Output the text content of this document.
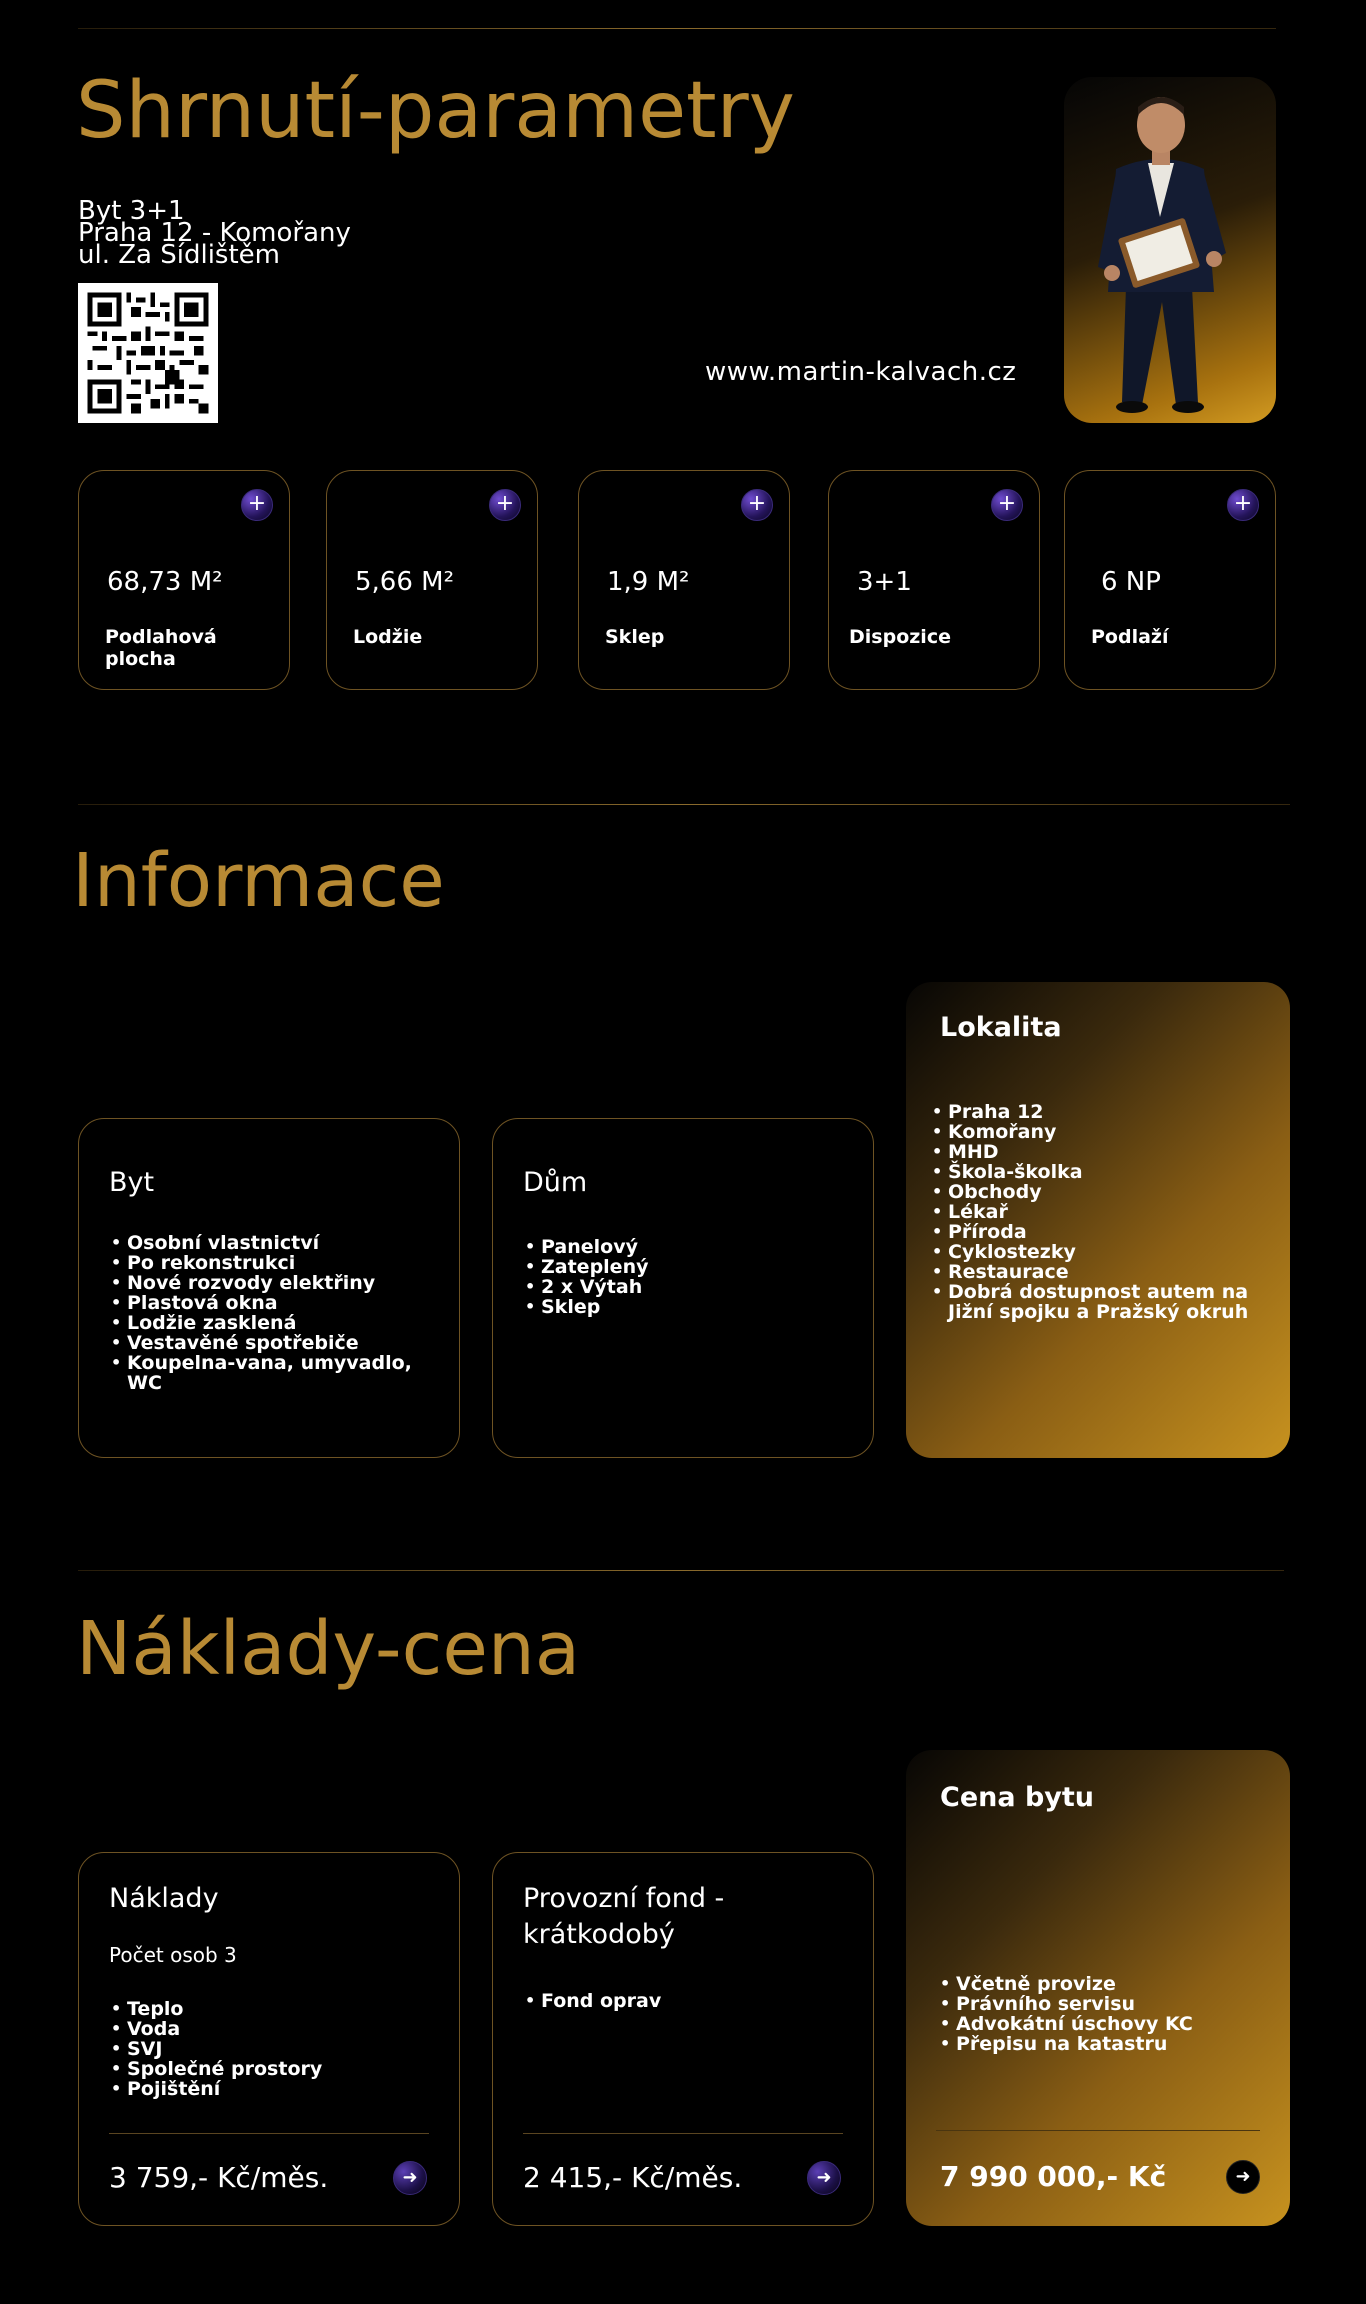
Shrnutí-parametry
Byt 3+1
Praha 12 - Komořany
ul. Za Sídlištěm
www.martin-kalvach.cz
+
68,73 M²
Podlahová plocha
+
5,66 M²
Lodžie
+
1,9 M²
Sklep
+
3+1
Dispozice
+
6 NP
Podlaží
Informace
Byt
• Osobní vlastnictví
• Po rekonstrukci
• Nové rozvody elektřiny
• Plastová okna
• Lodžie zasklená
• Vestavěné spotřebiče
• Koupelna-vana, umyvadlo, WC
Dům
• Panelový
• Zateplený
• 2 x Výtah
• Sklep
Lokalita
• Praha 12
• Komořany
• MHD
• Škola-školka
• Obchody
• Lékař
• Příroda
• Cyklostezky
• Restaurace
• Dobrá dostupnost autem na Jižní spojku a Pražský okruh
Náklady-cena
Náklady
Počet osob 3
• Teplo
• Voda
• SVJ
• Společné prostory
• Pojištění
3 759,- Kč/měs.	➜
Provozní fond -
krátkodobý
• Fond oprav
2 415,- Kč/měs.	➜
Cena bytu
• Včetně provize
• Právního servisu
• Advokátní úschovy KC
• Přepisu na katastru
7 990 000,- Kč	➜
